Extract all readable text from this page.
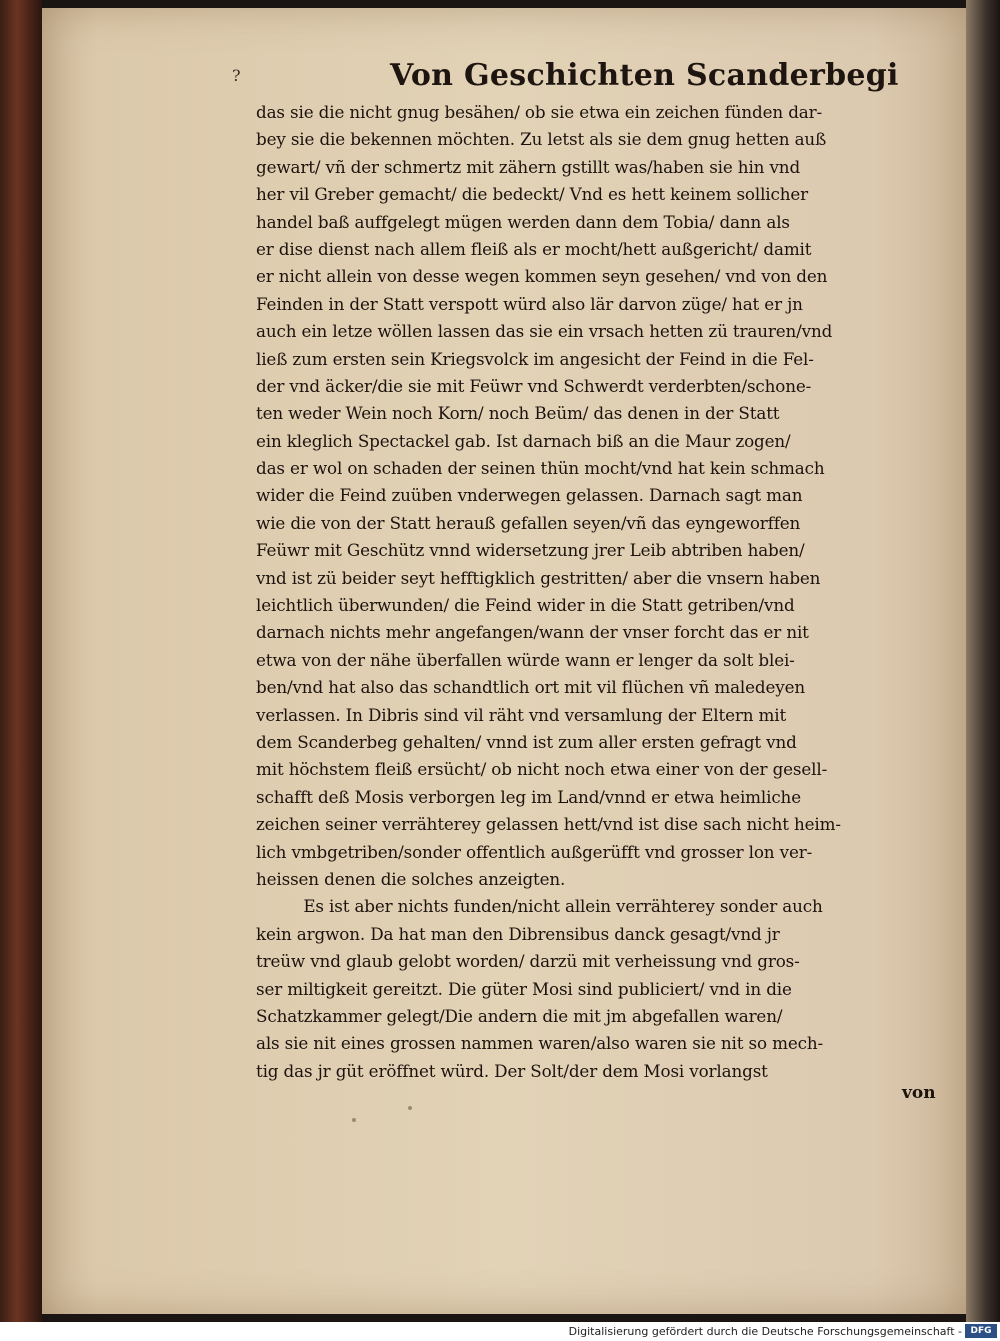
?	Von Geschichten Scanderbegi
das sie die nicht gnug besähen/ ob sie etwa ein zeichen fünden dar-
bey sie die bekennen möchten. Zu letst als sie dem gnug hetten auß
gewart/ vñ der schmertz mit zähern gstillt was/haben sie hin vnd
her vil Greber gemacht/ die bedeckt/ Vnd es hett keinem sollicher
handel baß auffgelegt mügen werden dann dem Tobia/ dann als
er dise dienst nach allem fleiß als er mocht/hett außgericht/ damit
er nicht allein von desse wegen kommen seyn gesehen/ vnd von den
Feinden in der Statt verspott würd also lär darvon züge/ hat er jn
auch ein letze wöllen lassen das sie ein vrsach hetten zü trauren/vnd
ließ zum ersten sein Kriegsvolck im angesicht der Feind in die Fel-
der vnd äcker/die sie mit Feüwr vnd Schwerdt verderbten/schone-
ten weder Wein noch Korn/ noch Beüm/ das denen in der Statt
ein kleglich Spectackel gab. Ist darnach biß an die Maur zogen/
das er wol on schaden der seinen thün mocht/vnd hat kein schmach
wider die Feind zuüben vnderwegen gelassen. Darnach sagt man
wie die von der Statt herauß gefallen seyen/vñ das eyngeworffen
Feüwr mit Geschütz vnnd widersetzung jrer Leib abtriben haben/
vnd ist zü beider seyt hefftigklich gestritten/ aber die vnsern haben
leichtlich überwunden/ die Feind wider in die Statt getriben/vnd
darnach nichts mehr angefangen/wann der vnser forcht das er nit
etwa von der nähe überfallen würde wann er lenger da solt blei-
ben/vnd hat also das schandtlich ort mit vil flüchen vñ maledeyen
verlassen. In Dibris sind vil räht vnd versamlung der Eltern mit
dem Scanderbeg gehalten/ vnnd ist zum aller ersten gefragt vnd
mit höchstem fleiß ersücht/ ob nicht noch etwa einer von der gesell-
schafft deß Mosis verborgen leg im Land/vnnd er etwa heimliche
zeichen seiner verrähterey gelassen hett/vnd ist dise sach nicht heim-
lich vmbgetriben/sonder offentlich außgerüfft vnd grosser lon ver-
heissen denen die solches anzeigten.
Es ist aber nichts funden/nicht allein verrähterey sonder auch
kein argwon. Da hat man den Dibrensibus danck gesagt/vnd jr
treüw vnd glaub gelobt worden/ darzü mit verheissung vnd gros-
ser miltigkeit gereitzt. Die güter Mosi sind publiciert/ vnd in die
Schatzkammer gelegt/Die andern die mit jm abgefallen waren/
als sie nit eines grossen nammen waren/also waren sie nit so mech-
tig das jr güt eröffnet würd. Der Solt/der dem Mosi vorlangst
von
Digitalisierung gefördert durch die Deutsche Forschungsgemeinschaft - DFG
